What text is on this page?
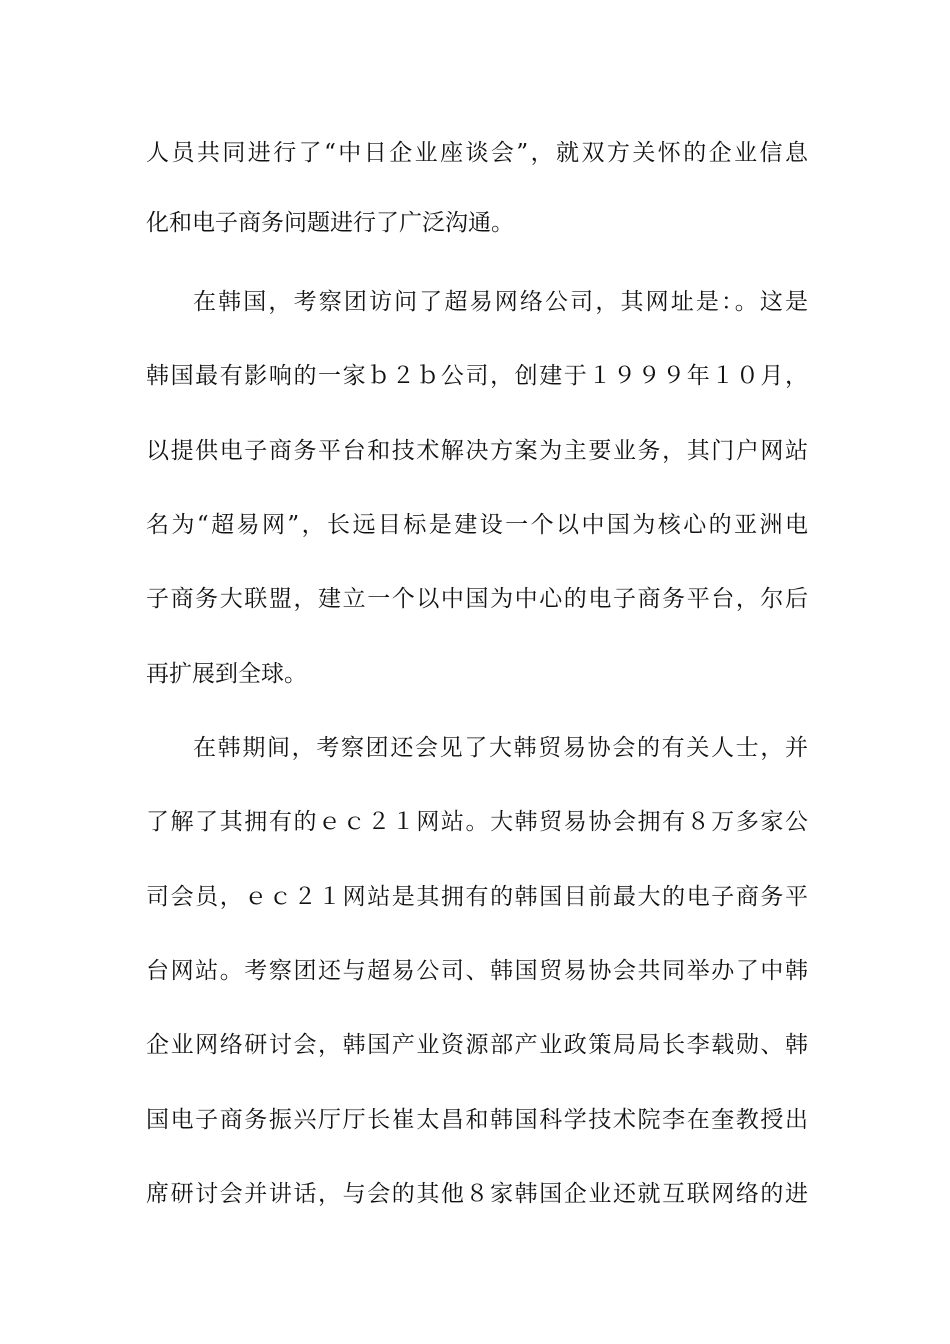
人员共同进行了“中日企业座谈会”，就双方关怀的企业信息
化和电子商务问题进行了广泛沟通。
在韩国，考察团访问了超易网络公司，其网址是：。这是
韩国最有影响的一家ｂ２ｂ公司，创建于１９９９年１０月，
以提供电子商务平台和技术解决方案为主要业务，其门户网站
名为“超易网”，长远目标是建设一个以中国为核心的亚洲电
子商务大联盟，建立一个以中国为中心的电子商务平台，尔后
再扩展到全球。
在韩期间，考察团还会见了大韩贸易协会的有关人士，并
了解了其拥有的ｅｃ２１网站。大韩贸易协会拥有８万多家公
司会员，ｅｃ２１网站是其拥有的韩国目前最大的电子商务平
台网站。考察团还与超易公司、韩国贸易协会共同举办了中韩
企业网络研讨会，韩国产业资源部产业政策局局长李载勋、韩
国电子商务振兴厅厅长崔太昌和韩国科学技术院李在奎教授出
席研讨会并讲话，与会的其他８家韩国企业还就互联网络的进
